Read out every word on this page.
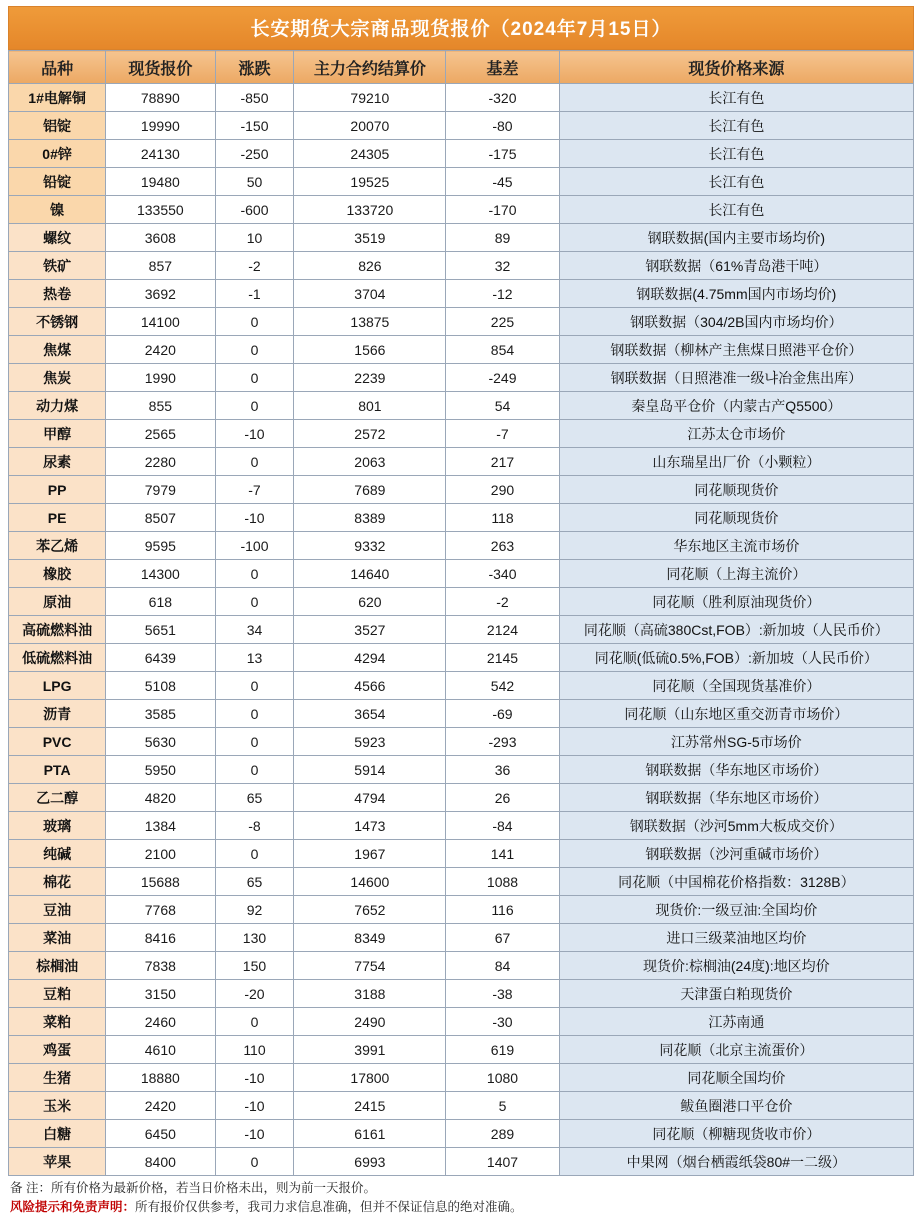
长安期货大宗商品现货报价（2024年7月15日）
品种	现货报价	涨跌	主力合约结算价	基差	现货价格来源
1#电解铜	78890	-850	79210	-320	长江有色
铝锭	19990	-150	20070	-80	长江有色
0#锌	24130	-250	24305	-175	长江有色
铅锭	19480	50	19525	-45	长江有色
镍	133550	-600	133720	-170	长江有色
螺纹	3608	10	3519	89	钢联数据(国内主要市场均价)
铁矿	857	-2	826	32	钢联数据（61%青岛港干吨）
热卷	3692	-1	3704	-12	钢联数据(4.75mm国内市场均价)
不锈钢	14100	0	13875	225	钢联数据（304/2B国内市场均价）
焦煤	2420	0	1566	854	钢联数据（柳林产主焦煤日照港平仓价）
焦炭	1990	0	2239	-249	钢联数据（日照港准一级냐冶金焦出库）
动力煤	855	0	801	54	秦皇岛平仓价（内蒙古产Q5500）
甲醇	2565	-10	2572	-7	江苏太仓市场价
尿素	2280	0	2063	217	山东瑞星出厂价（小颗粒）
PP	7979	-7	7689	290	同花顺现货价
PE	8507	-10	8389	118	同花顺现货价
苯乙烯	9595	-100	9332	263	华东地区主流市场价
橡胶	14300	0	14640	-340	同花顺（上海主流价）
原油	618	0	620	-2	同花顺（胜利原油现货价）
高硫燃料油	5651	34	3527	2124	同花顺（高硫380Cst,FOB）:新加坡（人民币价）
低硫燃料油	6439	13	4294	2145	同花顺(低硫0.5%,FOB）:新加坡（人民币价）
LPG	5108	0	4566	542	同花顺（全国现货基准价）
沥青	3585	0	3654	-69	同花顺（山东地区重交沥青市场价）
PVC	5630	0	5923	-293	江苏常州SG-5市场价
PTA	5950	0	5914	36	钢联数据（华东地区市场价）
乙二醇	4820	65	4794	26	钢联数据（华东地区市场价）
玻璃	1384	-8	1473	-84	钢联数据（沙河5mm大板成交价）
纯碱	2100	0	1967	141	钢联数据（沙河重碱市场价）
棉花	15688	65	14600	1088	同花顺（中国棉花价格指数：3128B）
豆油	7768	92	7652	116	现货价:一级豆油:全国均价
菜油	8416	130	8349	67	进口三级菜油地区均价
棕榈油	7838	150	7754	84	现货价:棕榈油(24度):地区均价
豆粕	3150	-20	3188	-38	天津蛋白粕现货价
菜粕	2460	0	2490	-30	江苏南通
鸡蛋	4610	110	3991	619	同花顺（北京主流蛋价）
生猪	18880	-10	17800	1080	同花顺全国均价
玉米	2420	-10	2415	5	鲅鱼圈港口平仓价
白糖	6450	-10	6161	289	同花顺（柳糖现货收市价）
苹果	8400	0	6993	1407	中果网（烟台栖霞纸袋80#一二级）
备 注：所有价格为最新价格，若当日价格未出，则为前一天报价。
风险提示和免责声明：所有报价仅供参考，我司力求信息准确，但并不保证信息的绝对准确。
